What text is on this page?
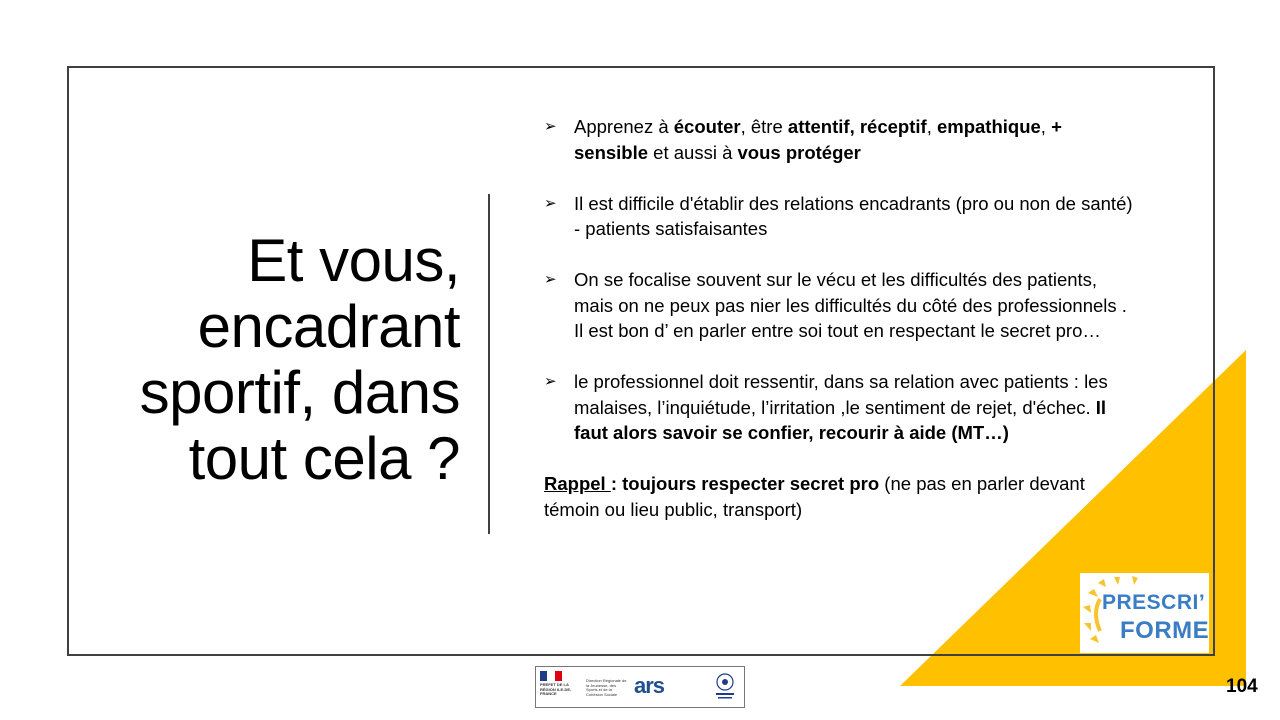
Et vous, encadrant sportif, dans tout cela ?
➢ Apprenez à écouter, être attentif, réceptif, empathique, + sensible et aussi à vous protéger

➢ Il est difficile d'établir des relations encadrants (pro ou non de santé) - patients satisfaisantes

➢ On se focalise souvent sur le vécu et les difficultés des patients, mais on ne peux pas nier les difficultés du côté des professionnels . Il est bon d’ en parler entre soi tout en respectant le secret pro…

➢ le professionnel doit ressentir, dans sa relation avec patients : les malaises, l’inquiétude, l’irritation ,le sentiment de rejet, d'échec. Il faut alors savoir se confier, recourir à aide (MT…)

Rappel : toujours respecter secret pro (ne pas en parler devant témoin ou lieu public, transport)

PRESCRI’
FORME
PRÉFET DE LA RÉGION ILE-DE-FRANCE
Direction Régionale de la Jeunesse, des Sports et de la Cohésion Sociale ars	104
